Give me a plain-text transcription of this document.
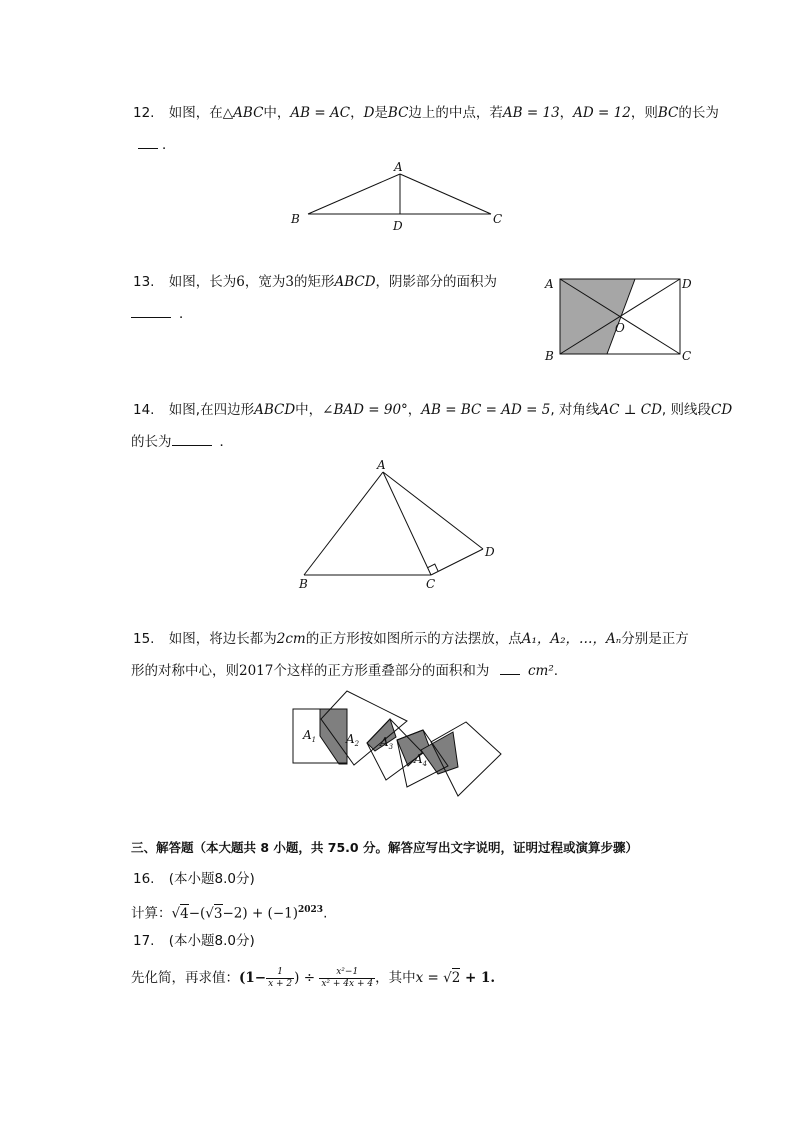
12. 如图，在△ABC中，AB = AC，D是BC边上的中点，若AB = 13，AD = 12，则BC的长为
．
A
B	C
D
13. 如图，长为6，宽为3的矩形ABCD，阴影部分的面积为
．
A
B	C
D
O
14. 如图,在四边形ABCD中，∠BAD = 90°，AB = BC = AD = 5, 对角线AC ⊥ CD, 则线段CD
的长为	．
A
B	C
D
15. 如图，将边长都为2cm的正方形按如图所示的方法摆放，点A₁，A₂，…，Aₙ分别是正方
形的对称中心，则2017个这样的正方形重叠部分的面积和为	cm².
$A_1$ $A_2$ $A_3$
$A_4$
三、解答题（本大题共 8 小题，共 75.0 分。解答应写出文字说明，证明过程或演算步骤）
16. (本小题8.0分)
计算：$√4-(√3-2) + (-1)^{2023}$.
17. (本小题8.0分)
先化简，再求值：($1- \frac{1}{x + 2}$ ) ÷ $\frac{\text{x²−1}}{\text{x² + 4x + 4}}$ ，其中x = √2 + 1.
